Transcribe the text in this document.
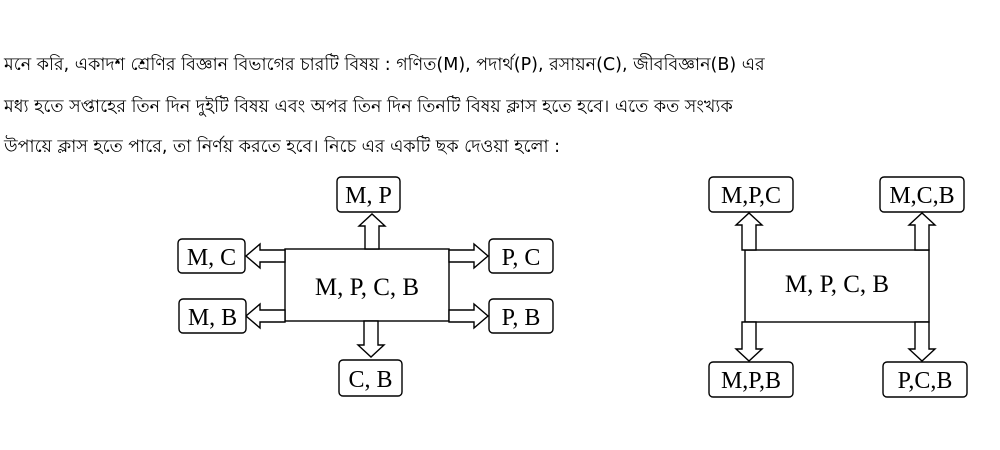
মনে করি, একাদশ শ্রেণির বিজ্ঞান বিভাগের চারটি বিষয় : গণিত(M), পদার্থ(P), রসায়ন(C), জীববিজ্ঞান(B) এর
মধ্য হতে সপ্তাহের তিন দিন দুইটি বিষয় এবং অপর তিন দিন তিনটি বিষয় ক্লাস হতে হবে। এতে কত সংখ্যক
উপায়ে ক্লাস হতে পারে, তা নির্ণয় করতে হবে। নিচে এর একটি ছক দেওয়া হলো :
M, P, C, B
M, P
C, B
M, C
M, B
P, C
P, B
M, P, C, B
M,P,C	M,C,B
M,P,B	P,C,B
